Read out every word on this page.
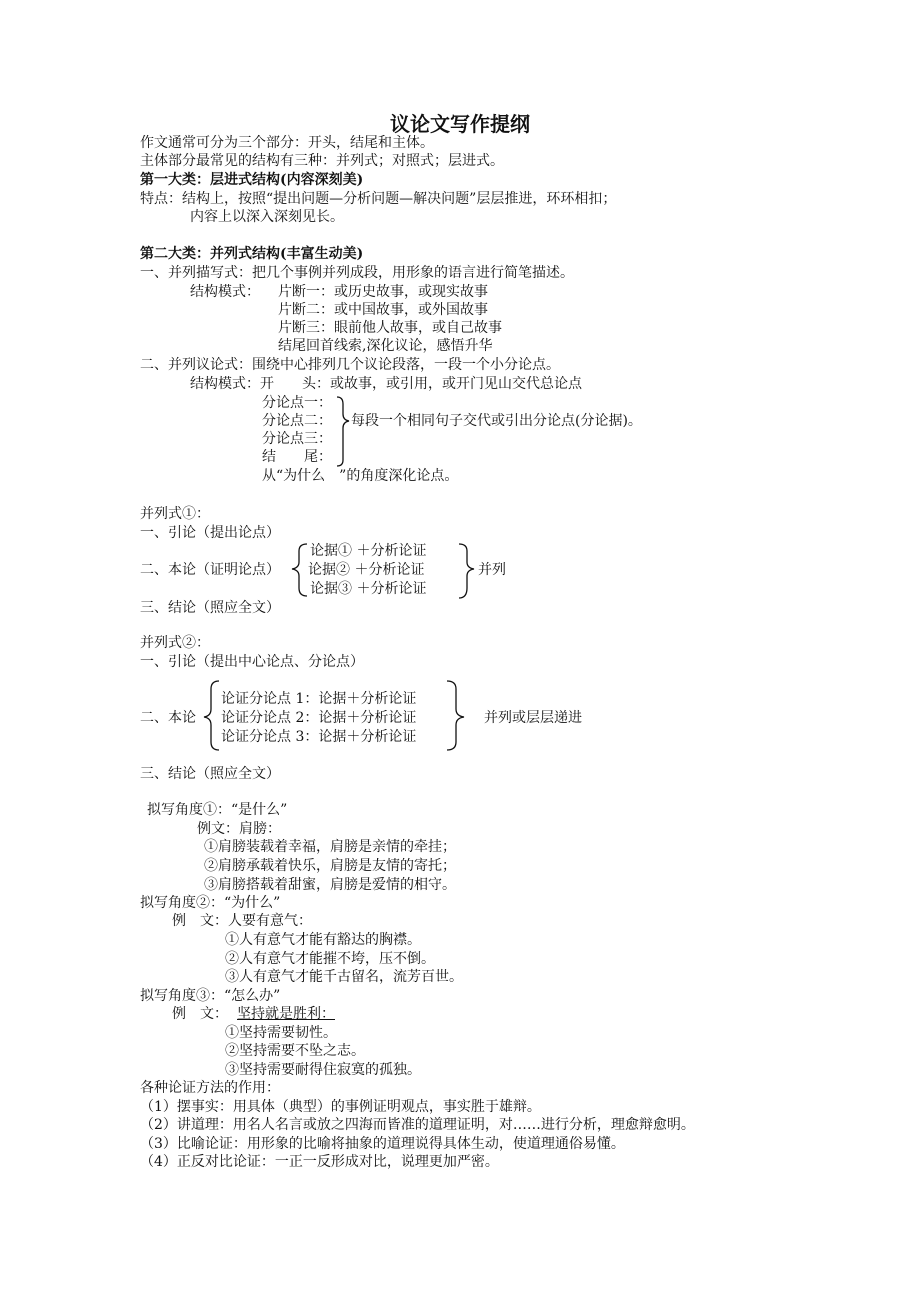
议论文写作提纲
作文通常可分为三个部分：开头，结尾和主体。
主体部分最常见的结构有三种：并列式；对照式；层进式。
第一大类：层进式结构(内容深刻美)
特点：结构上，按照“提出问题—分析问题—解决问题”层层推进，环环相扣；
内容上以深入深刻见长。
第二大类：并列式结构(丰富生动美)
一、并列描写式：把几个事例并列成段，用形象的语言进行简笔描述。
结构模式： 片断一：或历史故事，或现实故事
片断二：或中国故事，或外国故事
片断三：眼前他人故事，或自己故事
结尾回首线索,深化议论，感悟升华
二、并列议论式：围绕中心排列几个议论段落，一段一个小分论点。
结构模式：开　　头：或故事，或引用，或开门见山交代总论点
分论点一：
分论点二：
分论点三：
结　　尾：
每段一个相同句子交代或引出分论点(分论据)。
从“为什么　”的角度深化论点。
并列式①：
一、引论（提出论点）
二、本论（证明论点）
论据① ＋分析论证
论据② ＋分析论证
论据③ ＋分析论证
并列
三、结论（照应全文）
并列式②：
一、引论（提出中心论点、分论点）
二、本论
论证分论点 1：论据＋分析论证
论证分论点 2：论据＋分析论证
论证分论点 3：论据＋分析论证
并列或层层递进
三、结论（照应全文）
拟写角度①：“是什么”
例文：肩膀：
①肩膀装载着幸福，肩膀是亲情的牵挂；
②肩膀承载着快乐，肩膀是友情的寄托；
③肩膀搭载着甜蜜，肩膀是爱情的相守。
拟写角度②：“为什么”
例　文：人要有意气：
①人有意气才能有豁达的胸襟。
②人有意气才能摧不垮，压不倒。
③人有意气才能千古留名，流芳百世。
拟写角度③：“怎么办”
例　文： 坚持就是胜利：
①坚持需要韧性。
②坚持需要不坠之志。
③坚持需要耐得住寂寞的孤独。
各种论证方法的作用：
（1）摆事实：用具体（典型）的事例证明观点，事实胜于雄辩。
（2）讲道理：用名人名言或放之四海而皆准的道理证明，对……进行分析，理愈辩愈明。
（3）比喻论证：用形象的比喻将抽象的道理说得具体生动，使道理通俗易懂。
（4）正反对比论证：一正一反形成对比，说理更加严密。
